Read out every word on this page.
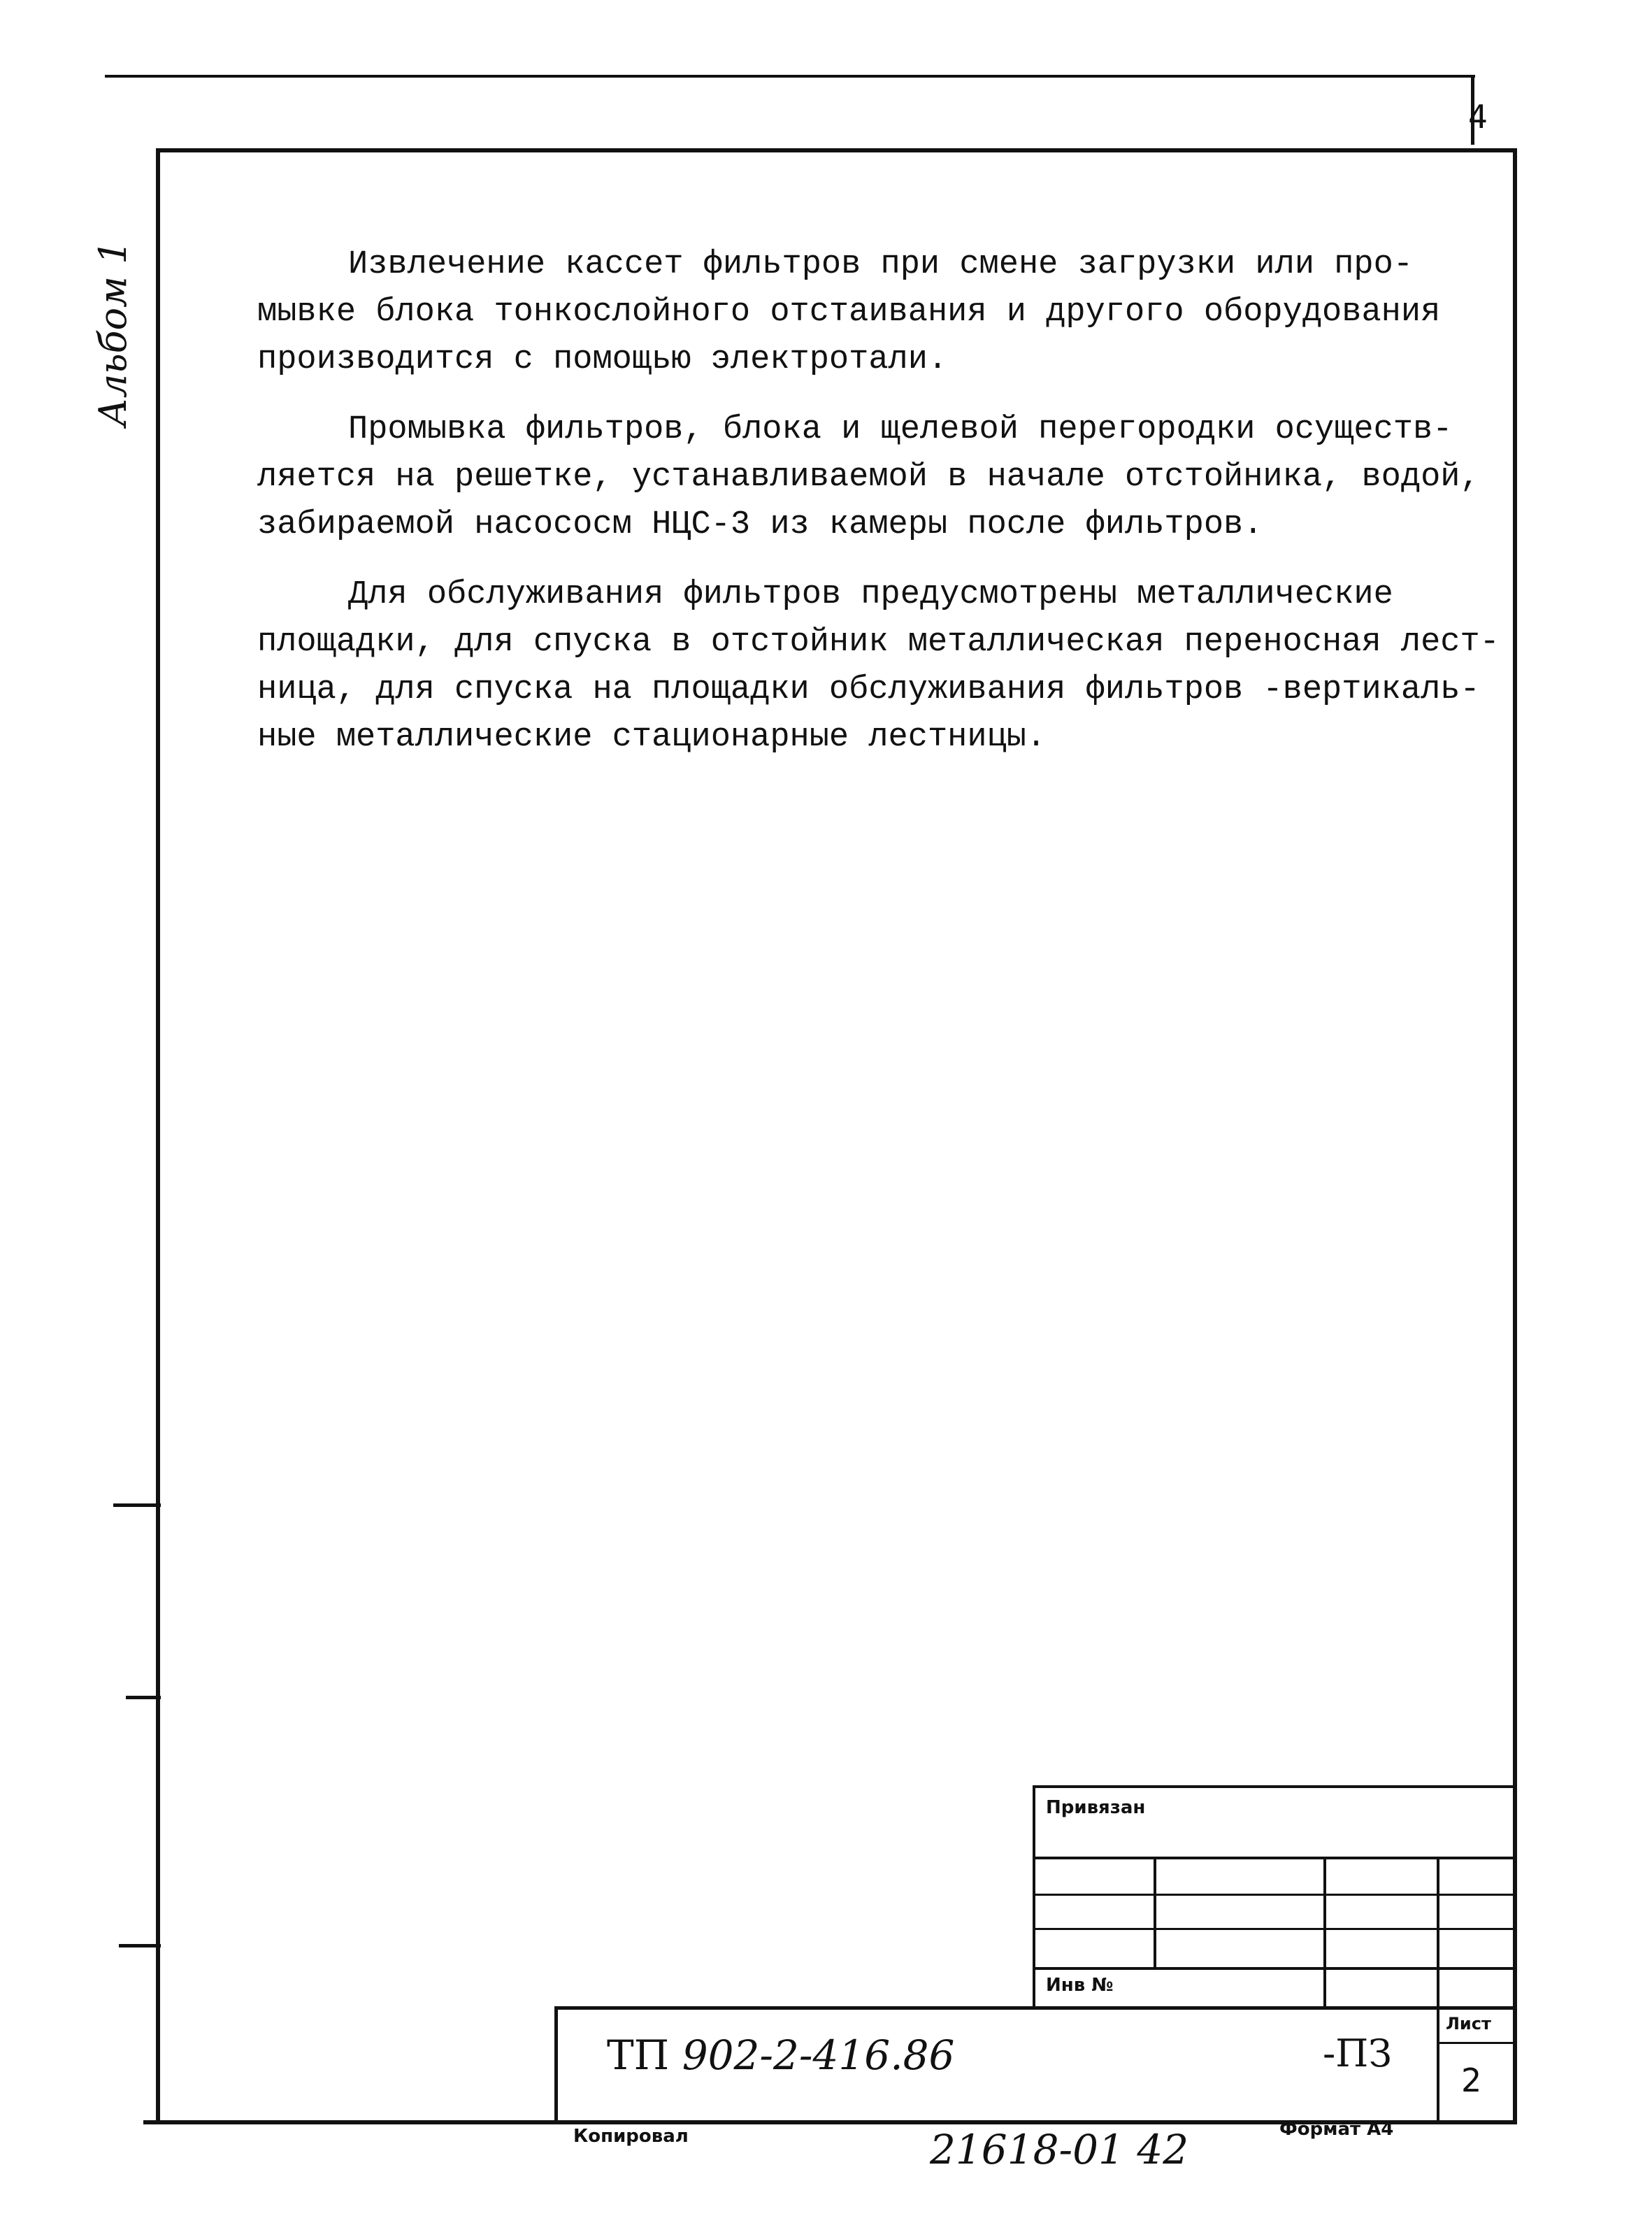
4
Альбом 1	Извлечение кассет фильтров при смене загрузки или про-
мывке блока тонкослойного отстаивания и другого оборудования
производится с помощью электротали.

Промывка фильтров, блока и щелевой перегородки осуществ-
ляется на решетке, устанавливаемой в начале отстойника, водой,
забираемой насососм НЦС-3 из камеры после фильтров.

Для обслуживания фильтров предусмотрены металлические
площадки, для спуска в отстойник металлическая переносная лест-
ница, для спуска на площадки обслуживания фильтров -вертикаль-
ные металлические стационарные лестницы.

Привязан
Инв №
Лист
2
ТП 902-2-416.86	-ПЗ
Копировал	21618-01 42	Формат А4
